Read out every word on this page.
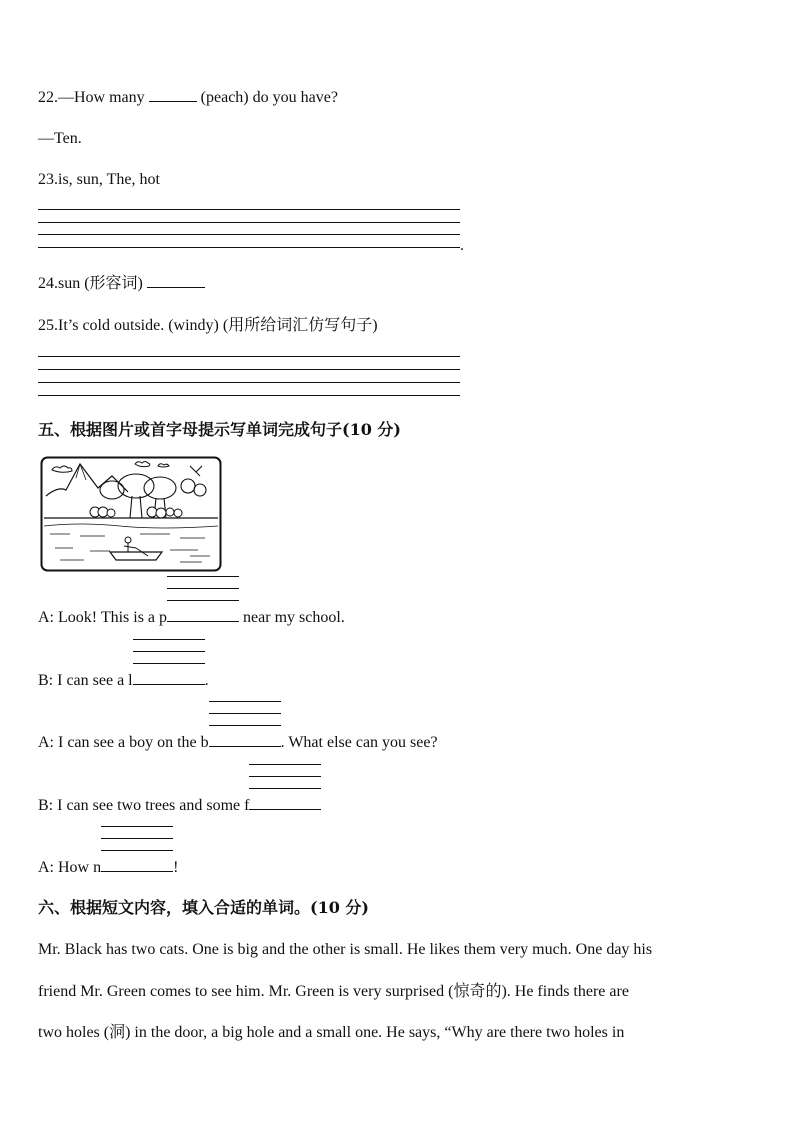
22.—How many	(peach) do you have?
—Ten.
23.is, sun, The, hot
.
24.sun (形容词)
25.It’s cold outside. (windy) (用所给词汇仿写句子)
五、根据图片或首字母提示写单词完成句子(10 分)
A: Look! This is a p	near my school.
B: I can see a l	.
A: I can see a boy on the b	. What else can you see?
B: I can see two trees and some f
A: How n	!
六、根据短文内容，填入合适的单词。(10 分)
Mr. Black has two cats. One is big and the other is small. He likes them very much. One day his
friend Mr. Green comes to see him. Mr. Green is very surprised (惊奇的). He finds there are
two holes (洞) in the door, a big hole and a small one. He says, “Why are there two holes in
